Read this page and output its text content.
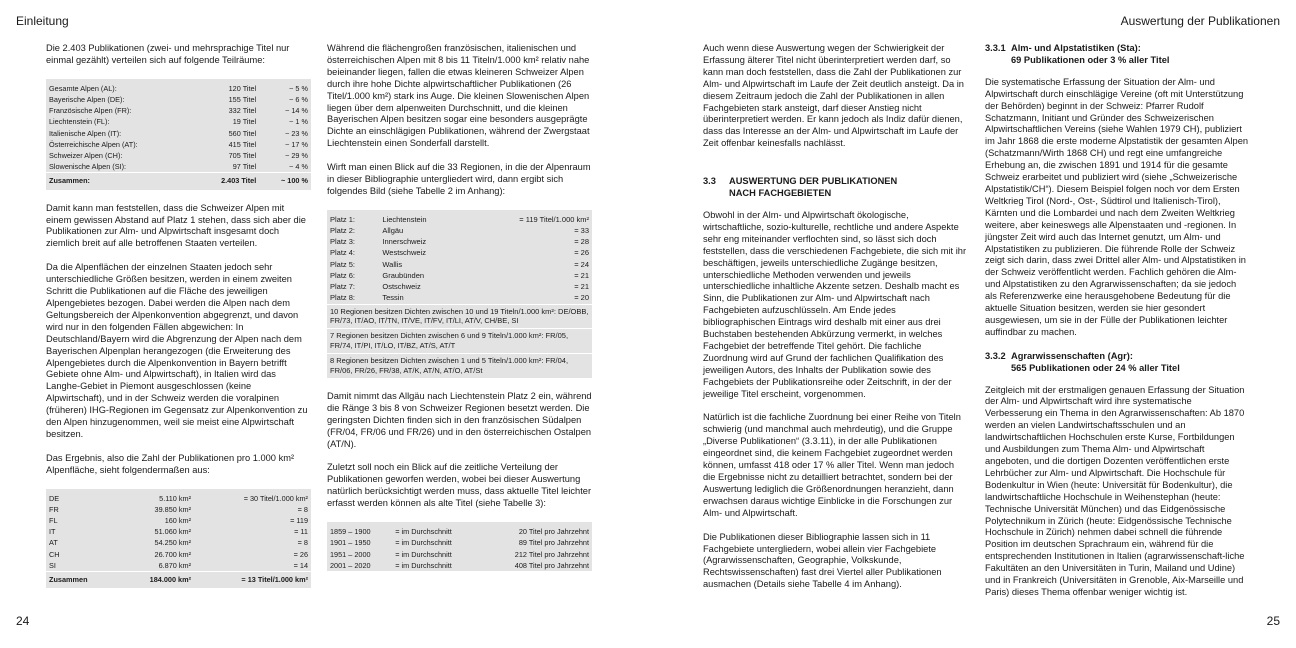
Einleitung

Die 2.403 Publikationen (zwei- und mehrsprachige Titel nur einmal gezählt) verteilen sich auf folgende Teilräume:

Gesamte Alpen (AL):	120 Titel	~ 5 %
Bayerische Alpen (DE):	155 Titel	~ 6 %
Französische Alpen (FR):	332 Titel	~ 14 %
Liechtenstein (FL):	19 Titel	~ 1 %
Italienische Alpen (IT):	560 Titel	~ 23 %
Österreichische Alpen (AT):	415 Titel	~ 17 %
Schweizer Alpen (CH):	705 Titel	~ 29 %
Slowenische Alpen (SI):	97 Titel	~ 4 %
Zusammen:	2.403 Titel	~ 100 %

Damit kann man feststellen, dass die Schweizer Alpen mit einem gewissen Abstand auf Platz 1 stehen, dass sich aber die Publikationen zur Alm- und Alpwirtschaft insgesamt doch ziemlich breit auf alle betroffenen Staaten verteilen.

Da die Alpenflächen der einzelnen Staaten jedoch sehr unterschiedliche Größen besitzen, werden in einem zweiten Schritt die Publikationen auf die Fläche des jeweiligen Alpengebietes bezogen. Dabei werden die Alpen nach dem Geltungsbereich der Alpenkonvention abgegrenzt, und davon wird nur in den folgenden Fällen abgewichen: In Deutschland/Bayern wird die Abgrenzung der Alpen nach dem Bayerischen Alpenplan herangezogen (die Erweiterung des Alpengebietes durch die Alpenkonvention in Bayern betrifft Gebiete ohne Alm- und Alpwirtschaft), in Italien wird das Langhe-Gebiet in Piemont ausgeschlossen (keine Alpwirtschaft), und in der Schweiz werden die voralpinen (früheren) IHG-Regionen im Gegensatz zur Alpenkonvention zu den Alpen hinzugenommen, weil sie meist eine Alpwirtschaft besitzen.

Das Ergebnis, also die Zahl der Publikationen pro 1.000 km² Alpenfläche, sieht folgendermaßen aus:

DE	5.110 km²	= 30 Titel/1.000 km²
FR	39.850 km²	= 8
FL	160 km²	= 119
IT	51.060 km²	= 11
AT	54.250 km²	= 8
CH	26.700 km²	= 26
SI	6.870 km²	= 14
Zusammen	184.000 km²	= 13 Titel/1.000 km²

Während die flächengroßen französischen, italienischen und österreichischen Alpen mit 8 bis 11 Titeln/1.000 km² relativ nahe beieinander liegen, fallen die etwas kleineren Schweizer Alpen durch ihre hohe Dichte alpwirtschaftlicher Publikationen (26 Titel/1.000 km²) stark ins Auge. Die kleinen Slowenischen Alpen liegen über dem alpenweiten Durchschnitt, und die kleinen Bayerischen Alpen besitzen sogar eine besonders ausgeprägte Dichte an einschlägigen Publikationen, während der Zwergstaat Liechtenstein einen Sonderfall darstellt.

Wirft man einen Blick auf die 33 Regionen, in die der Alpenraum in dieser Bibliographie untergliedert wird, dann ergibt sich folgendes Bild (siehe Tabelle 2 im Anhang):

Platz 1:	Liechtenstein	= 119 Titel/1.000 km²
Platz 2:	Allgäu	= 33
Platz 3:	Innerschweiz	= 28
Platz 4:	Westschweiz	= 26
Platz 5:	Wallis	= 24
Platz 6:	Graubünden	= 21
Platz 7:	Ostschweiz	= 21
Platz 8:	Tessin	= 20
10 Regionen besitzen Dichten zwischen 10 und 19 Titeln/1.000 km²: DE/OBB, FR/73, IT/AO, IT/TN, IT/VE, IT/FV, IT/LI, AT/V, CH/BE, SI		
7 Regionen besitzen Dichten zwischen 6 und 9 Titeln/1.000 km²: FR/05, FR/74, IT/PI, IT/LO, IT/BZ, AT/S, AT/T		
8 Regionen besitzen Dichten zwischen 1 und 5 Titeln/1.000 km²: FR/04, FR/06, FR/26, FR/38, AT/K, AT/N, AT/O, AT/St		

Damit nimmt das Allgäu nach Liechtenstein Platz 2 ein, während die Ränge 3 bis 8 von Schweizer Regionen besetzt werden. Die geringsten Dichten finden sich in den französischen Südalpen (FR/04, FR/06 und FR/26) und in den österreichischen Ostalpen (AT/N).

Zuletzt soll noch ein Blick auf die zeitliche Verteilung der Publikationen geworfen werden, wobei bei dieser Auswertung natürlich berücksichtigt werden muss, dass aktuelle Titel leichter erfasst werden können als alte Titel (siehe Tabelle 3):

1859 – 1900	= im Durchschnitt	20 Titel pro Jahrzehnt
1901 – 1950	= im Durchschnitt	89 Titel pro Jahrzehnt
1951 – 2000	= im Durchschnitt	212 Titel pro Jahrzehnt
2001 – 2020	= im Durchschnitt	408 Titel pro Jahrzehnt
24
Auswertung der Publikationen

Auch wenn diese Auswertung wegen der Schwierigkeit der Erfassung älterer Titel nicht überinterpretiert werden darf, so kann man doch feststellen, dass die Zahl der Publikationen zur Alm- und Alpwirtschaft im Laufe der Zeit deutlich ansteigt. Da in diesem Zeitraum jedoch die Zahl der Publikationen in allen Fachgebieten stark ansteigt, darf dieser Anstieg nicht überinterpretiert werden. Er kann jedoch als Indiz dafür dienen, dass das Interesse an der Alm- und Alpwirtschaft im Laufe der Zeit offenbar keinesfalls nachlässt.

3.3 AUSWERTUNG DER PUBLIKATIONEN
NACH FACHGEBIETEN

Obwohl in der Alm- und Alpwirtschaft ökologische, wirtschaftliche, sozio-kulturelle, rechtliche und andere Aspekte sehr eng miteinander verflochten sind, so lässt sich doch feststellen, dass die verschiedenen Fachgebiete, die sich mit ihr beschäftigen, jeweils unterschiedliche Zugänge besitzen, unterschiedliche Methoden verwenden und jeweils unterschiedliche inhaltliche Akzente setzen. Deshalb macht es Sinn, die Publikationen zur Alm- und Alpwirtschaft nach Fachgebieten aufzuschlüsseln. Am Ende jedes bibliographischen Eintrags wird deshalb mit einer aus drei Buchstaben bestehenden Abkürzung vermerkt, in welches Fachgebiet der betreffende Titel gehört. Die fachliche Zuordnung wird auf Grund der fachlichen Qualifikation des jeweiligen Autors, des Inhalts der Publikation sowie des Fachgebiets der Publikationsreihe oder Zeitschrift, in der der jeweilige Titel erscheint, vorgenommen.

Natürlich ist die fachliche Zuordnung bei einer Reihe von Titeln schwierig (und manchmal auch mehrdeutig), und die Gruppe „Diverse Publikationen“ (3.3.11), in der alle Publikationen eingeordnet sind, die keinem Fachgebiet zugeordnet werden können, umfasst 418 oder 17 % aller Titel. Wenn man jedoch die Ergebnisse nicht zu detailliert betrachtet, sondern bei der Auswertung lediglich die Größenordnungen heranzieht, dann erwachsen daraus wichtige Einblicke in die Forschungen zur Alm- und Alpwirtschaft.

Die Publikationen dieser Bibliographie lassen sich in 11 Fachgebiete untergliedern, wobei allein vier Fachgebiete (Agrarwissenschaften, Geographie, Volkskunde, Rechtswissenschaften) fast drei Viertel aller Publikationen ausmachen (Details siehe Tabelle 4 im Anhang).

3.3.1 Alm- und Alpstatistiken (Sta):
69 Publikationen oder 3 % aller Titel

Die systematische Erfassung der Situation der Alm- und Alpwirtschaft durch einschlägige Vereine (oft mit Unterstützung der Behörden) beginnt in der Schweiz: Pfarrer Rudolf Schatzmann, Initiant und Gründer des Schweizerischen Alpwirtschaftlichen Vereins (siehe Wahlen 1979 CH), publiziert im Jahr 1868 die erste moderne Alpstatistik der gesamten Alpen (Schatzmann/Wirth 1868 CH) und regt eine umfangreiche Erhebung an, die zwischen 1891 und 1914 für die gesamte Schweiz erarbeitet und publiziert wird (siehe „Schweizerische Alpstatistik/CH“). Diesem Beispiel folgen noch vor dem Ersten Weltkrieg Tirol (Nord-, Ost-, Südtirol und Italienisch-Tirol), Kärnten und die Lombardei und nach dem Zweiten Weltkrieg weitere, aber keineswegs alle Alpenstaaten und -regionen. In jüngster Zeit wird auch das Internet genutzt, um Alm- und Alpstatistiken zu publizieren. Die führende Rolle der Schweiz zeigt sich darin, dass zwei Drittel aller Alm- und Alpstatistiken in der Schweiz veröffentlicht werden. Fachlich gehören die Alm- und Alpstatistiken zu den Agrarwissenschaften; da sie jedoch als Referenzwerke eine herausgehobene Bedeutung für die aktuelle Situation besitzen, werden sie hier gesondert ausgewiesen, um sie in der Fülle der Publikationen leichter auffindbar zu machen.

3.3.2 Agrarwissenschaften (Agr):
565 Publikationen oder 24 % aller Titel

Zeitgleich mit der erstmaligen genauen Erfassung der Situation der Alm- und Alpwirtschaft wird ihre systematische Verbesserung ein Thema in den Agrarwissenschaften: Ab 1870 werden an vielen Landwirtschaftsschulen und an landwirtschaftlichen Hochschulen erste Kurse, Fortbildungen und Ausbildungen zum Thema Alm- und Alpwirtschaft angeboten, und die dortigen Dozenten veröffentlichen erste Lehrbücher zur Alm- und Alpwirtschaft. Die Hochschule für Bodenkultur in Wien (heute: Universität für Bodenkultur), die landwirtschaftliche Hochschule in Weihenstephan (heute: Technische Universität München) und das Eidgenössische Polytechnikum in Zürich (heute: Eidgenössische Technische Hochschule in Zürich) nehmen dabei schnell die führende Position im deutschen Sprachraum ein, während für die entsprechenden Institutionen in Italien (agrarwissenschaft-liche Fakultäten an den Universitäten in Turin, Mailand und Udine) und in Frankreich (Universitäten in Grenoble, Aix-Marseille und Paris) dieses Thema offenbar weniger wichtig ist.

25
